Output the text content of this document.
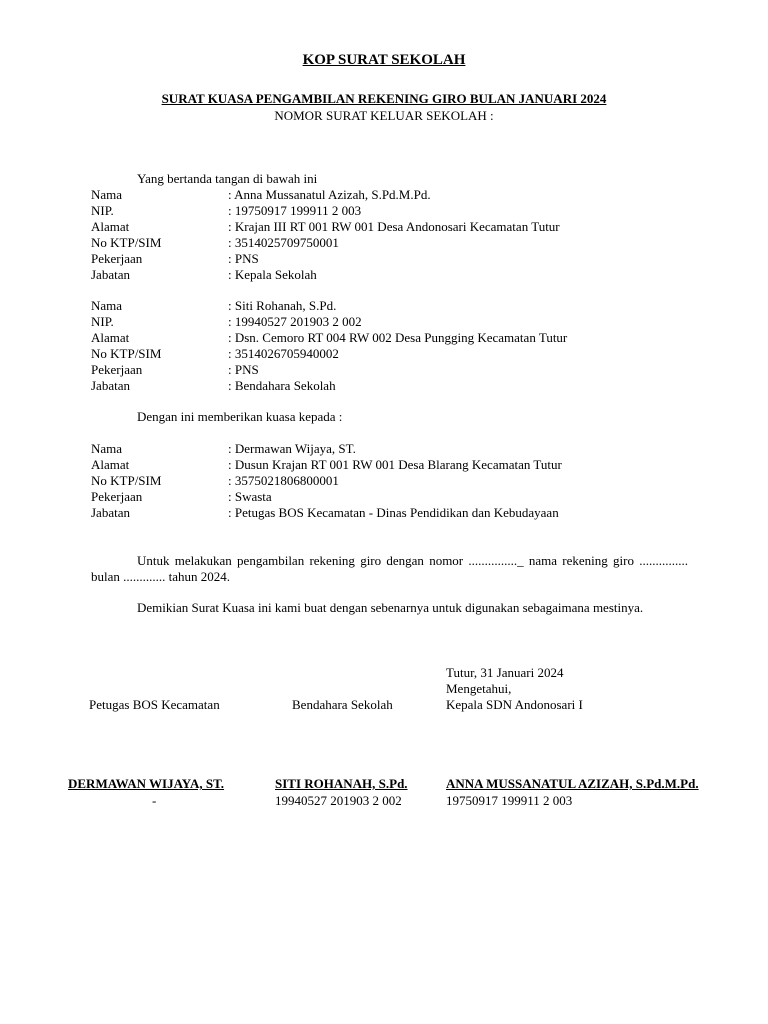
KOP SURAT SEKOLAH
SURAT KUASA PENGAMBILAN REKENING GIRO BULAN JANUARI 2024
NOMOR SURAT KELUAR SEKOLAH :
Yang bertanda tangan di bawah ini
Nama	: Anna Mussanatul Azizah, S.Pd.M.Pd.
NIP.	: 19750917 199911 2 003
Alamat	: Krajan III RT 001 RW 001 Desa Andonosari Kecamatan Tutur
No KTP/SIM	: 3514025709750001
Pekerjaan	: PNS
Jabatan	: Kepala Sekolah
Nama	: Siti Rohanah, S.Pd.
NIP.	: 19940527 201903 2 002
Alamat	: Dsn. Cemoro RT 004 RW 002 Desa Pungging Kecamatan Tutur
No KTP/SIM	: 3514026705940002
Pekerjaan	: PNS
Jabatan	: Bendahara Sekolah
Dengan ini memberikan kuasa kepada :
Nama	: Dermawan Wijaya, ST.
Alamat	: Dusun Krajan RT 001 RW 001 Desa Blarang Kecamatan Tutur
No KTP/SIM	: 3575021806800001
Pekerjaan	: Swasta
Jabatan	: Petugas BOS Kecamatan - Dinas Pendidikan dan Kebudayaan
Untuk melakukan pengambilan rekening giro dengan nomor ..............._ nama rekening giro ............... bulan ............. tahun 2024.
Demikian Surat Kuasa ini kami buat dengan sebenarnya untuk digunakan sebagaimana mestinya.
Tutur, 31 Januari 2024
Mengetahui,
Petugas BOS Kecamatan	Bendahara Sekolah	Kepala SDN Andonosari I
DERMAWAN WIJAYA, ST.	SITI ROHANAH, S.Pd.	ANNA MUSSANATUL AZIZAH, S.Pd.M.Pd.
-	19940527 201903 2 002	19750917 199911 2 003
